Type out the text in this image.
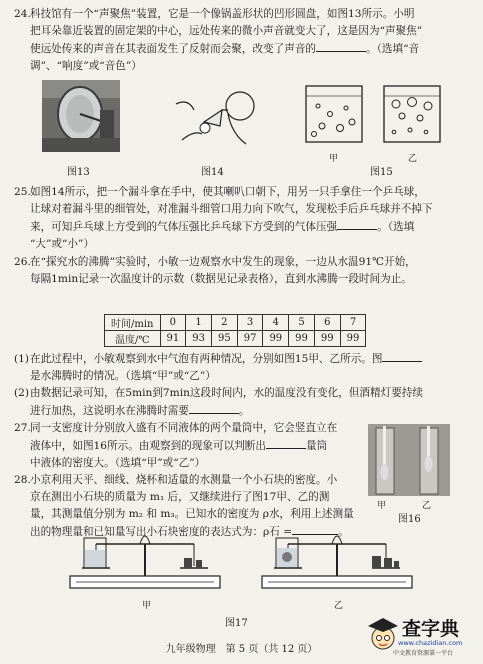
24.科技馆有一个“声聚焦”装置，它是一个像锅盖形状的凹形圆盘，如图13所示。小明
把耳朵靠近装置的固定架的中心，远处传来的微小声音就变大了，这是因为“声聚焦”
使远处传来的声音在其表面发生了反射而会聚，改变了声音的	。（选填“音
调”、“响度”或“音色”）
图13	图14
甲	乙
图15
25.如图14所示，把一个漏斗拿在手中，使其喇叭口朝下，用另一只手拿住一个乒乓球，
让球对着漏斗里的细管处，对准漏斗细管口用力向下吹气，发现松手后乒乓球并不掉下
来，可知乒乓球上方受到的气体压强比乒乓球下方受到的气体压强	。（选填
“大”或“小”）
26.在“探究水的沸腾”实验时，小敏一边观察水中发生的现象，一边从水温91℃开始，
每隔1min记录一次温度计的示数（数据见记录表格），直到水沸腾一段时间为止。
时间/min	0	1	2	3	4	5	6	7
温度/℃	91	93	95	97	99	99	99	99
(1)在此过程中，小敏观察到水中气泡有两种情况，分别如图15甲、乙所示。图
是水沸腾时的情况。（选填“甲”或“乙”）
(2)由数据记录可知，在5min到7min这段时间内，水的温度没有变化，但酒精灯要持续
进行加热，这说明水在沸腾时需要	。
27.同一支密度计分别放入盛有不同液体的两个量筒中，它会竖直立在
液体中，如图16所示。由观察到的现象可以判断出	量筒
中液体的密度大。（选填“甲”或“乙”）
28.小京利用天平、细线、烧杯和适量的水测量一个小石块的密度。小
京在测出小石块的质量为 m₁ 后，又继续进行了图17甲、乙的测
量，其测量值分别为 m₂ 和 m₃。已知水的密度为 ρ水，利用上述测量
出的物理量和已知量写出小石块密度的表达式为：ρ石 =	。
甲	乙
图16
甲	乙
图17
九年级物理　第 5 页（共 12 页）
查字典
www.chazidian.com
中文教育资源第一平台
